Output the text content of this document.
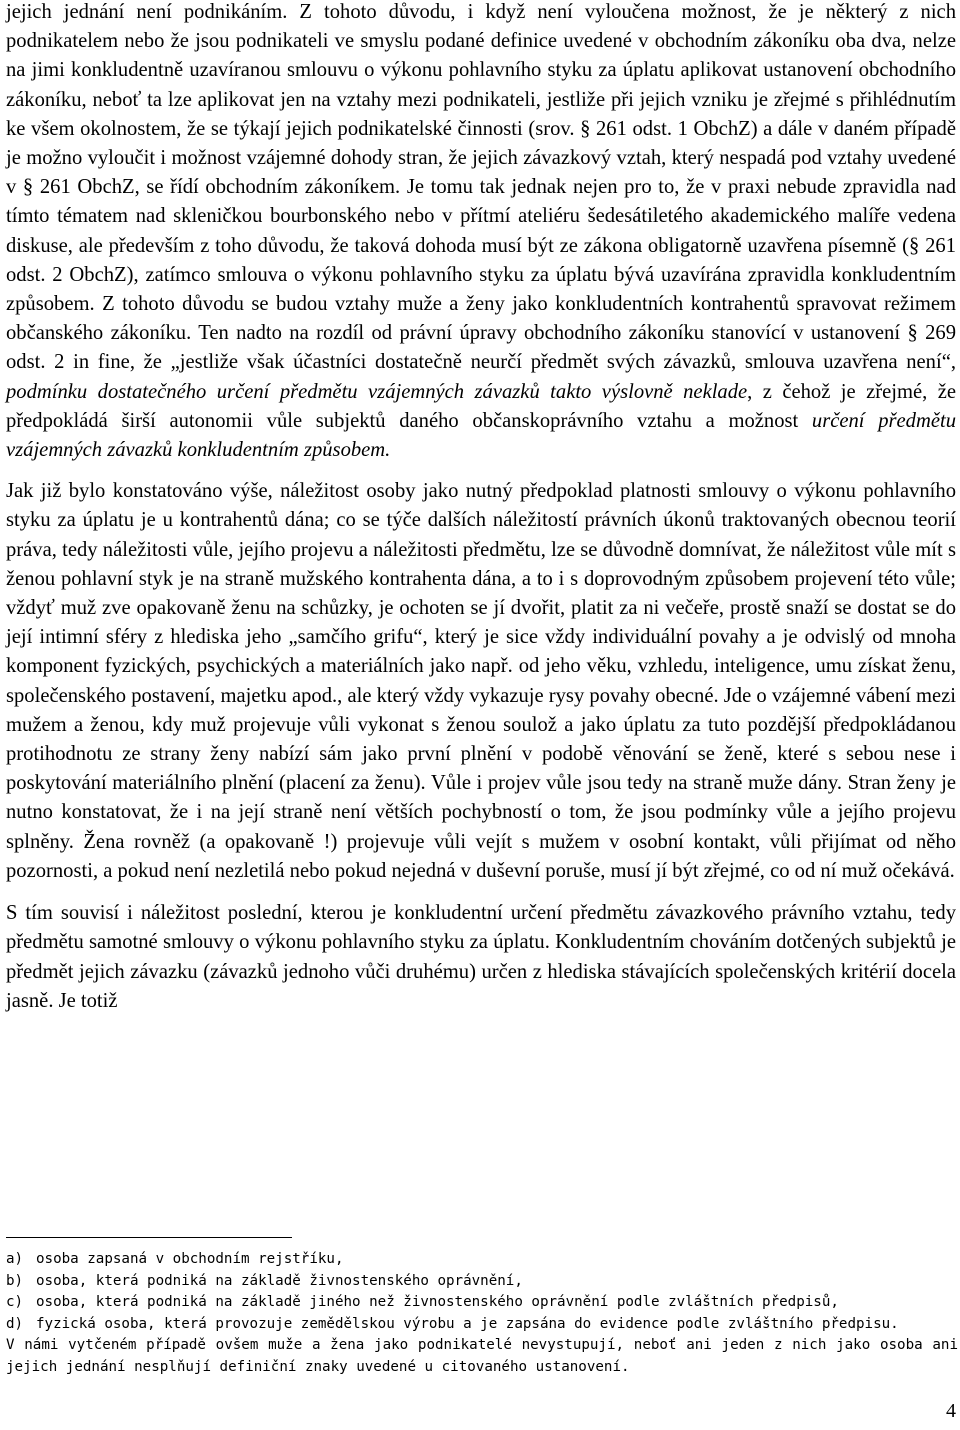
jejich jednání není podnikáním. Z tohoto důvodu, i když není vyloučena možnost, že je některý z nich podnikatelem nebo že jsou podnikateli ve smyslu podané definice uvedené v obchodním zákoníku oba dva, nelze na jimi konkludentně uzavíranou smlouvu o výkonu pohlavního styku za úplatu aplikovat ustanovení obchodního zákoníku, neboť ta lze aplikovat jen na vztahy mezi podnikateli, jestliže při jejich vzniku je zřejmé s přihlédnutím ke všem okolnostem, že se týkají jejich podnikatelské činnosti (srov. § 261 odst. 1 ObchZ) a dále v daném případě je možno vyloučit i možnost vzájemné dohody stran, že jejich závazkový vztah, který nespadá pod vztahy uvedené v § 261 ObchZ, se řídí obchodním zákoníkem. Je tomu tak jednak nejen pro to, že v praxi nebude zpravidla nad tímto tématem nad skleničkou bourbonského nebo v přítmí ateliéru šedesátiletého akademického malíře vedena diskuse, ale především z toho důvodu, že taková dohoda musí být ze zákona obligatorně uzavřena písemně (§ 261 odst. 2 ObchZ), zatímco smlouva o výkonu pohlavního styku za úplatu bývá uzavírána zpravidla konkludentním způsobem. Z tohoto důvodu se budou vztahy muže a ženy jako konkludentních kontrahentů spravovat režimem občanského zákoníku. Ten nadto na rozdíl od právní úpravy obchodního zákoníku stanovící v ustanovení § 269 odst. 2 in fine, že „jestliže však účastníci dostatečně neurčí předmět svých závazků, smlouva uzavřena není“, podmínku dostatečného určení předmětu vzájemných závazků takto výslovně neklade, z čehož je zřejmé, že předpokládá širší autonomii vůle subjektů daného občanskoprávního vztahu a možnost určení předmětu vzájemných závazků konkludentním způsobem.

Jak již bylo konstatováno výše, náležitost osoby jako nutný předpoklad platnosti smlouvy o výkonu pohlavního styku za úplatu je u kontrahentů dána; co se týče dalších náležitostí právních úkonů traktovaných obecnou teorií práva, tedy náležitosti vůle, jejího projevu a náležitosti předmětu, lze se důvodně domnívat, že náležitost vůle mít s ženou pohlavní styk je na straně mužského kontrahenta dána, a to i s doprovodným způsobem projevení této vůle; vždyť muž zve opakovaně ženu na schůzky, je ochoten se jí dvořit, platit za ni večeře, prostě snaží se dostat se do její intimní sféry z hlediska jeho „samčího grifu“, který je sice vždy individuální povahy a je odvislý od mnoha komponent fyzických, psychických a materiálních jako např. od jeho věku, vzhledu, inteligence, umu získat ženu, společenského postavení, majetku apod., ale který vždy vykazuje rysy povahy obecné. Jde o vzájemné vábení mezi mužem a ženou, kdy muž projevuje vůli vykonat s ženou soulož a jako úplatu za tuto pozdější předpokládanou protihodnotu ze strany ženy nabízí sám jako první plnění v podobě věnování se ženě, které s sebou nese i poskytování materiálního plnění (placení za ženu). Vůle i projev vůle jsou tedy na straně muže dány. Stran ženy je nutno konstatovat, že i na její straně není větších pochybností o tom, že jsou podmínky vůle a jejího projevu splněny. Žena rovněž (a opakovaně !) projevuje vůli vejít s mužem v osobní kontakt, vůli přijímat od něho pozornosti, a pokud není nezletilá nebo pokud nejedná v duševní poruše, musí jí být zřejmé, co od ní muž očekává.

S tím souvisí i náležitost poslední, kterou je konkludentní určení předmětu závazkového právního vztahu, tedy předmětu samotné smlouvy o výkonu pohlavního styku za úplatu. Konkludentním chováním dotčených subjektů je předmět jejich závazku (závazků jednoho vůči druhému) určen z hlediska stávajících společenských kritérií docela jasně. Je totiž

a) osoba zapsaná v obchodním rejstříku,
b) osoba, která podniká na základě živnostenského oprávnění,
c) osoba, která podniká na základě jiného než živnostenského oprávnění podle zvláštních předpisů,
d) fyzická osoba, která provozuje zemědělskou výrobu a je zapsána do evidence podle zvláštního předpisu.

V námi vytčeném případě ovšem muže a žena jako podnikatelé nevystupují, neboť ani jeden z nich jako osoba ani jejich jednání nesplňují definiční znaky uvedené u citovaného ustanovení.

4
